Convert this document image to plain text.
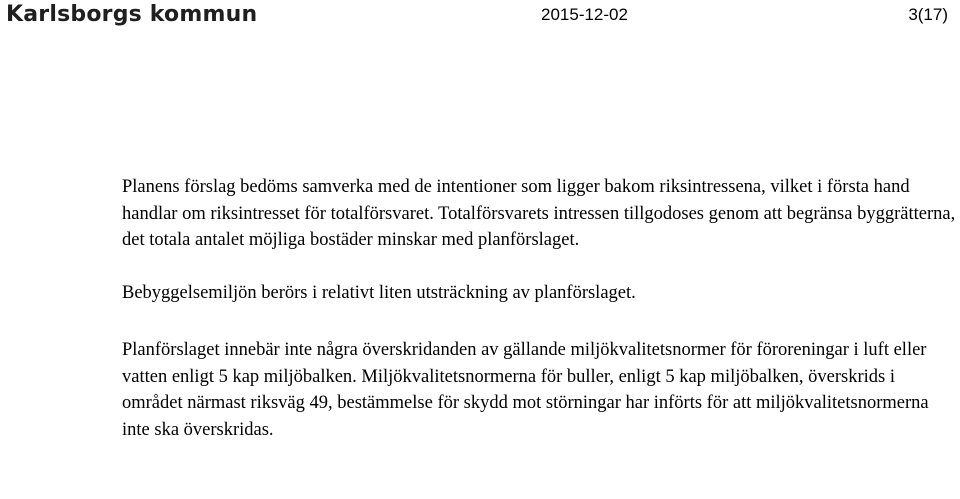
Karlsborgs kommun	2015-12-02	3(17)

Planens förslag bedöms samverka med de intentioner som ligger bakom riksintressena, vilket i första hand handlar om riksintresset för totalförsvaret. Totalförsvarets intressen tillgodoses genom att begränsa byggrätterna, det totala antalet möjliga bostäder minskar med planförslaget.

Bebyggelsemiljön berörs i relativt liten utsträckning av planförslaget.

Planförslaget innebär inte några överskridanden av gällande miljökvalitetsnormer för föroreningar i luft eller vatten enligt 5 kap miljöbalken. Miljökvalitetsnormerna för buller, enligt 5 kap miljöbalken, överskrids i området närmast riksväg 49, bestämmelse för skydd mot störningar har införts för att miljökvalitetsnormerna inte ska överskridas.
